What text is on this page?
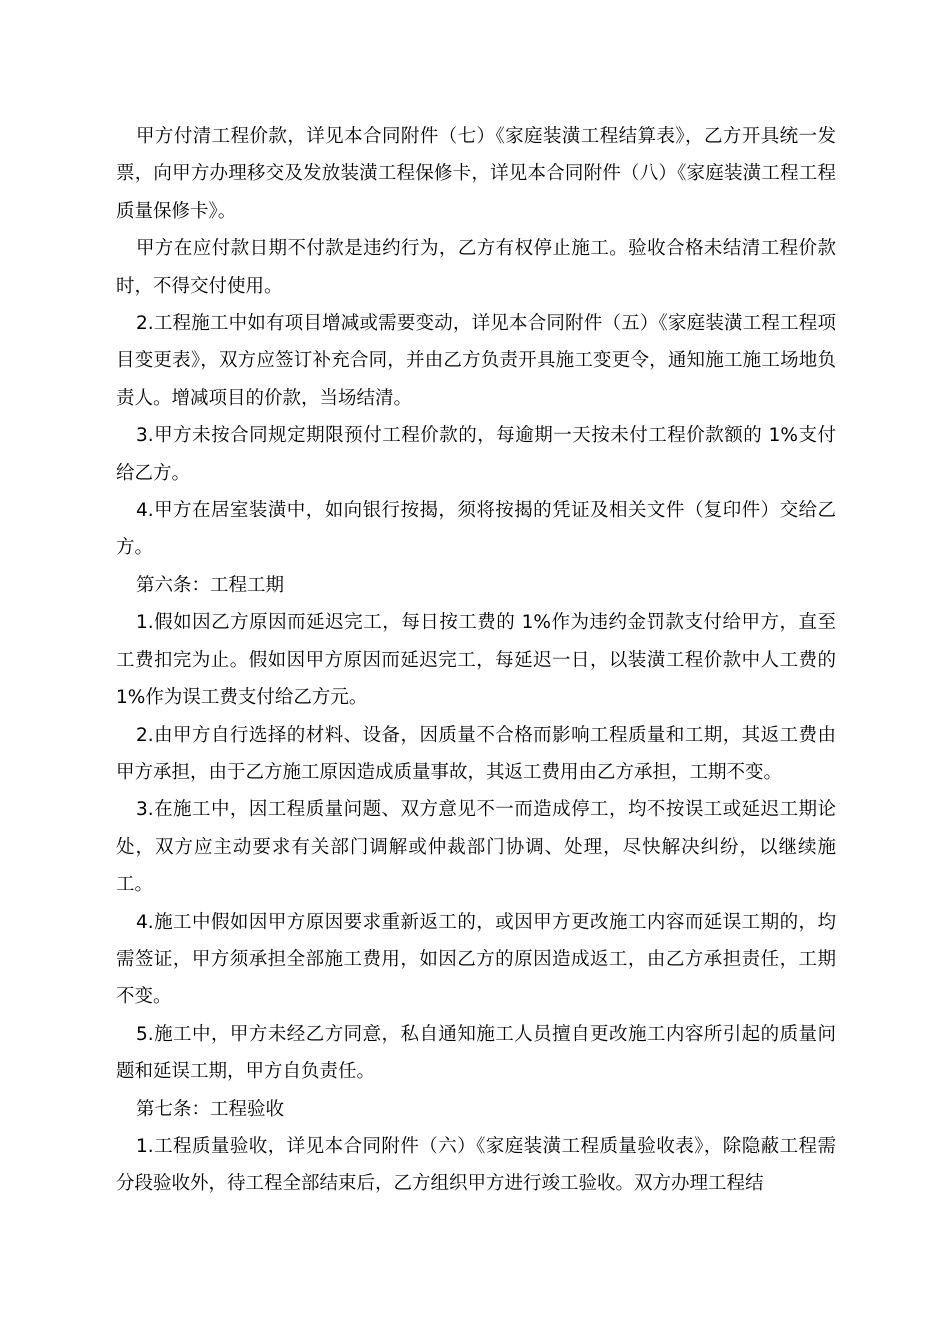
甲方付清工程价款，详见本合同附件（七）《家庭装潢工程结算表》，乙方开具统一发票，向甲方办理移交及发放装潢工程保修卡，详见本合同附件（八）《家庭装潢工程工程质量保修卡》。

甲方在应付款日期不付款是违约行为，乙方有权停止施工。验收合格未结清工程价款时，不得交付使用。

2.工程施工中如有项目增减或需要变动，详见本合同附件（五）《家庭装潢工程工程项目变更表》，双方应签订补充合同，并由乙方负责开具施工变更令，通知施工施工场地负责人。增减项目的价款，当场结清。

3.甲方未按合同规定期限预付工程价款的，每逾期一天按未付工程价款额的 1%支付给乙方。

4.甲方在居室装潢中，如向银行按揭，须将按揭的凭证及相关文件（复印件）交给乙方。

第六条：工程工期

1.假如因乙方原因而延迟完工，每日按工费的 1%作为违约金罚款支付给甲方，直至工费扣完为止。假如因甲方原因而延迟完工，每延迟一日，以装潢工程价款中人工费的 1%作为误工费支付给乙方元。

2.由甲方自行选择的材料、设备，因质量不合格而影响工程质量和工期，其返工费由甲方承担，由于乙方施工原因造成质量事故，其返工费用由乙方承担，工期不变。

3.在施工中，因工程质量问题、双方意见不一而造成停工，均不按误工或延迟工期论处，双方应主动要求有关部门调解或仲裁部门协调、处理，尽快解决纠纷，以继续施工。

4.施工中假如因甲方原因要求重新返工的，或因甲方更改施工内容而延误工期的，均需签证，甲方须承担全部施工费用，如因乙方的原因造成返工，由乙方承担责任，工期不变。

5.施工中，甲方未经乙方同意，私自通知施工人员擅自更改施工内容所引起的质量问题和延误工期，甲方自负责任。

第七条：工程验收

1.工程质量验收，详见本合同附件（六）《家庭装潢工程质量验收表》，除隐蔽工程需分段验收外，待工程全部结束后，乙方组织甲方进行竣工验收。双方办理工程结
